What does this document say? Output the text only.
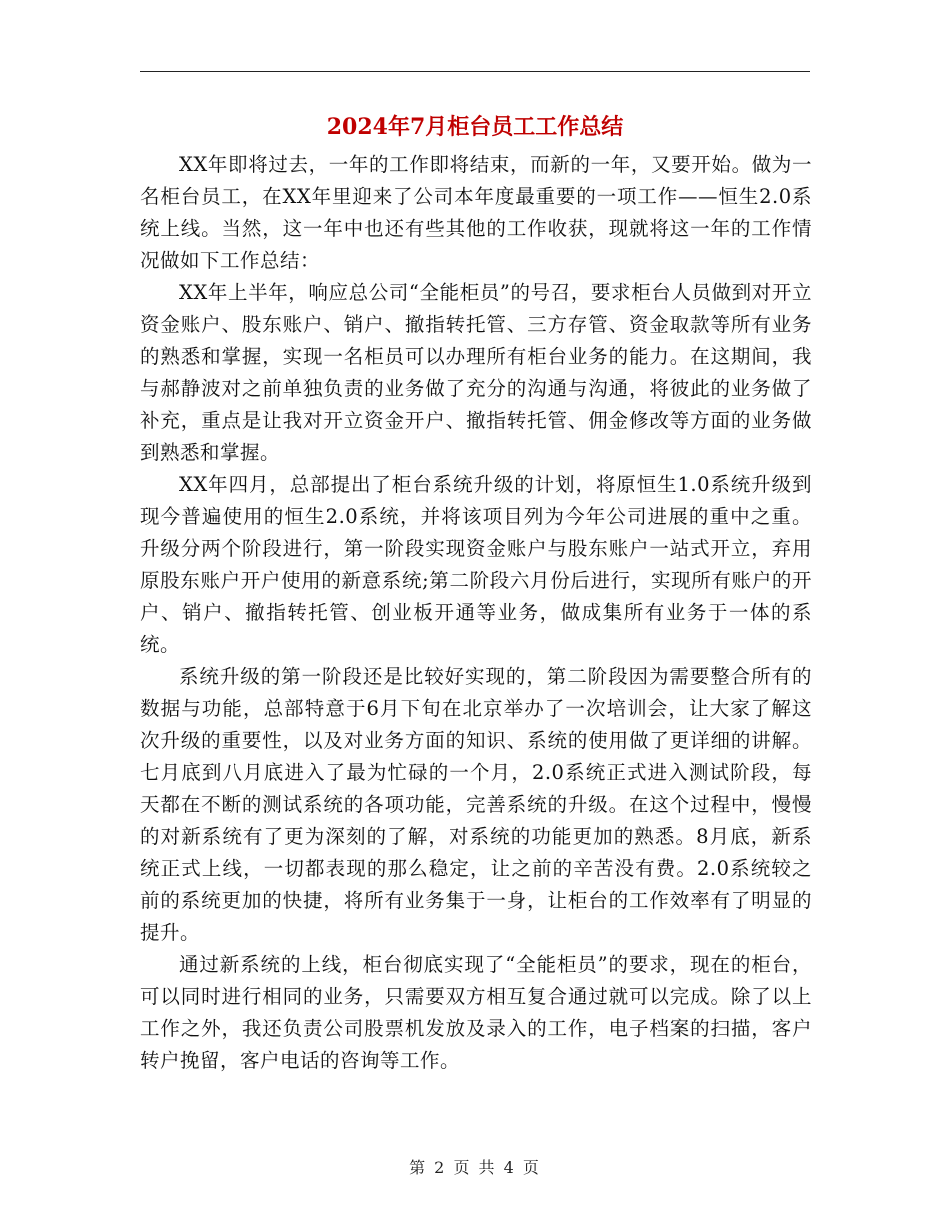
2024年7月柜台员工工作总结

XX年即将过去，一年的工作即将结束，而新的一年，又要开始。做为一名柜台员工，在XX年里迎来了公司本年度最重要的一项工作——恒生2.0系统上线。当然，这一年中也还有些其他的工作收获，现就将这一年的工作情况做如下工作总结：

XX年上半年，响应总公司“全能柜员”的号召，要求柜台人员做到对开立资金账户、股东账户、销户、撤指转托管、三方存管、资金取款等所有业务的熟悉和掌握，实现一名柜员可以办理所有柜台业务的能力。在这期间，我与郝静波对之前单独负责的业务做了充分的沟通与沟通，将彼此的业务做了补充，重点是让我对开立资金开户、撤指转托管、佣金修改等方面的业务做到熟悉和掌握。

XX年四月，总部提出了柜台系统升级的计划，将原恒生1.0系统升级到现今普遍使用的恒生2.0系统，并将该项目列为今年公司进展的重中之重。升级分两个阶段进行，第一阶段实现资金账户与股东账户一站式开立，弃用原股东账户开户使用的新意系统;第二阶段六月份后进行，实现所有账户的开户、销户、撤指转托管、创业板开通等业务，做成集所有业务于一体的系统。

系统升级的第一阶段还是比较好实现的，第二阶段因为需要整合所有的数据与功能，总部特意于6月下旬在北京举办了一次培训会，让大家了解这次升级的重要性，以及对业务方面的知识、系统的使用做了更详细的讲解。七月底到八月底进入了最为忙碌的一个月，2.0系统正式进入测试阶段，每天都在不断的测试系统的各项功能，完善系统的升级。在这个过程中，慢慢的对新系统有了更为深刻的了解，对系统的功能更加的熟悉。8月底，新系统正式上线，一切都表现的那么稳定，让之前的辛苦没有费。2.0系统较之前的系统更加的快捷，将所有业务集于一身，让柜台的工作效率有了明显的提升。

通过新系统的上线，柜台彻底实现了“全能柜员”的要求，现在的柜台，可以同时进行相同的业务，只需要双方相互复合通过就可以完成。除了以上工作之外，我还负责公司股票机发放及录入的工作，电子档案的扫描，客户转户挽留，客户电话的咨询等工作。

第 2 页 共 4 页
